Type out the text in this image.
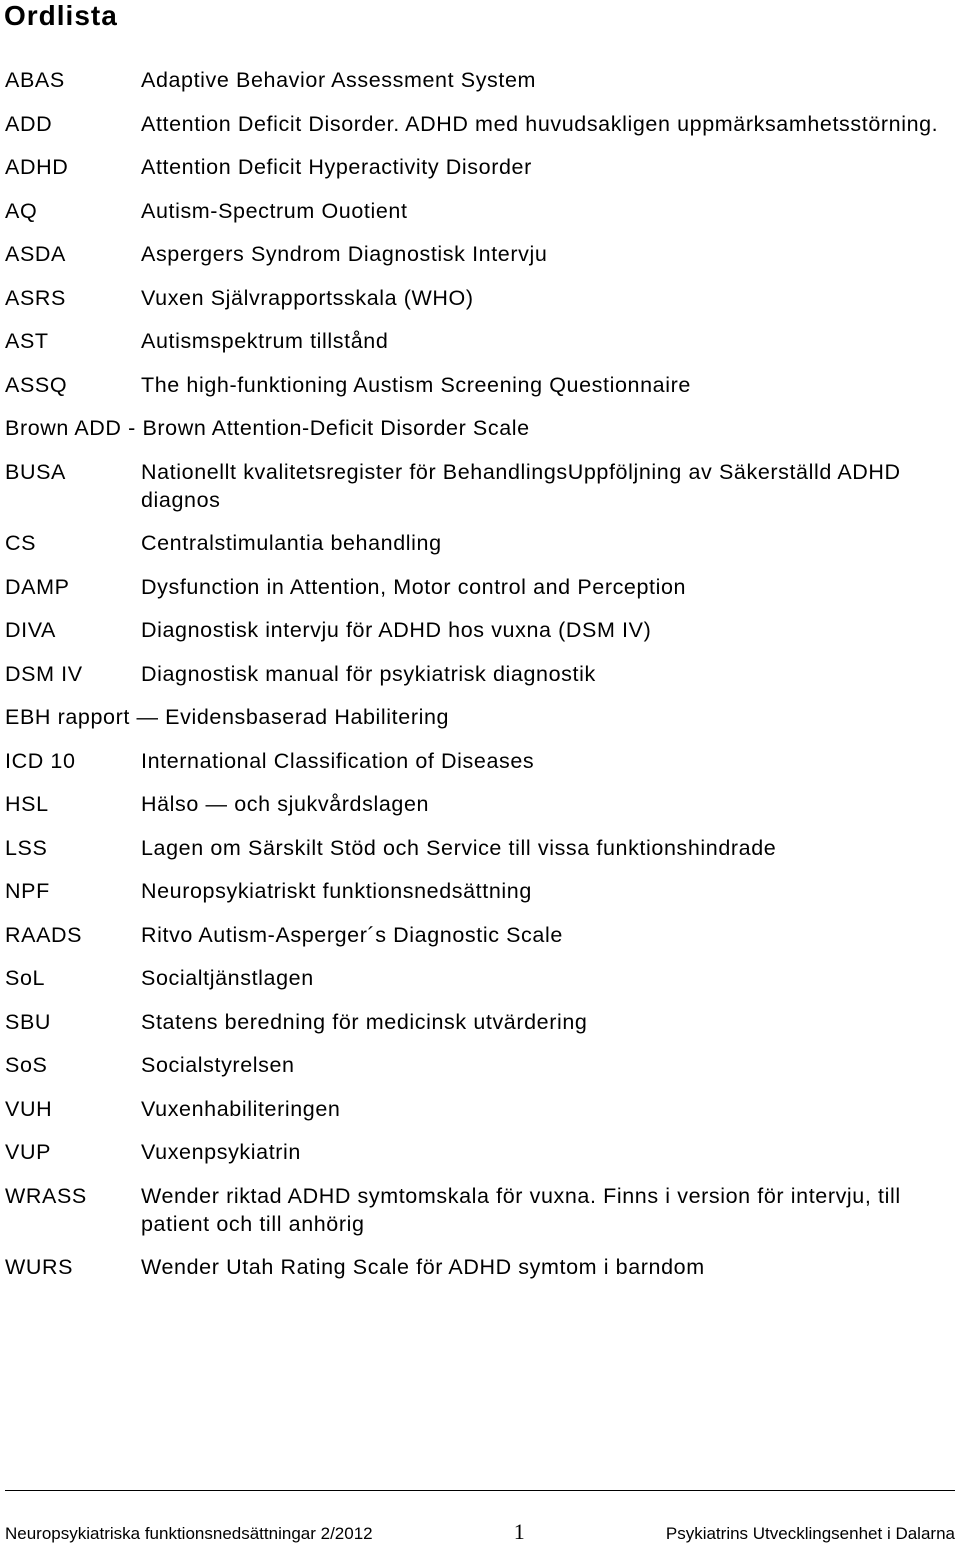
Ordlista
ABAS	Adaptive Behavior Assessment System
ADD	Attention Deficit Disorder. ADHD med huvudsakligen uppmärksamhetsstörning.
ADHD	Attention Deficit Hyperactivity Disorder
AQ	Autism-Spectrum Ouotient
ASDA	Aspergers Syndrom Diagnostisk Intervju
ASRS	Vuxen Självrapportsskala (WHO)
AST	Autismspektrum tillstånd
ASSQ	The high-funktioning Austism Screening Questionnaire
Brown ADD - Brown Attention-Deficit Disorder Scale
BUSA	Nationellt kvalitetsregister för BehandlingsUppföljning av Säkerställd ADHD diagnos
CS	Centralstimulantia behandling
DAMP	Dysfunction in Attention, Motor control and Perception
DIVA	Diagnostisk intervju för ADHD hos vuxna (DSM IV)
DSM IV	Diagnostisk manual för psykiatrisk diagnostik
EBH rapport — Evidensbaserad Habilitering
ICD 10	International Classification of Diseases
HSL	Hälso — och sjukvårdslagen
LSS	Lagen om Särskilt Stöd och Service till vissa funktionshindrade
NPF	Neuropsykiatriskt funktionsnedsättning
RAADS	Ritvo Autism-Asperger´s Diagnostic Scale
SoL	Socialtjänstlagen
SBU	Statens beredning för medicinsk utvärdering
SoS	Socialstyrelsen
VUH	Vuxenhabiliteringen
VUP	Vuxenpsykiatrin
WRASS	Wender riktad ADHD symtomskala för vuxna. Finns i version för intervju, till patient och till anhörig
WURS	Wender Utah Rating Scale för ADHD symtom i barndom
Neuropsykiatriska funktionsnedsättningar 2/2012	1	Psykiatrins Utvecklingsenhet i Dalarna
